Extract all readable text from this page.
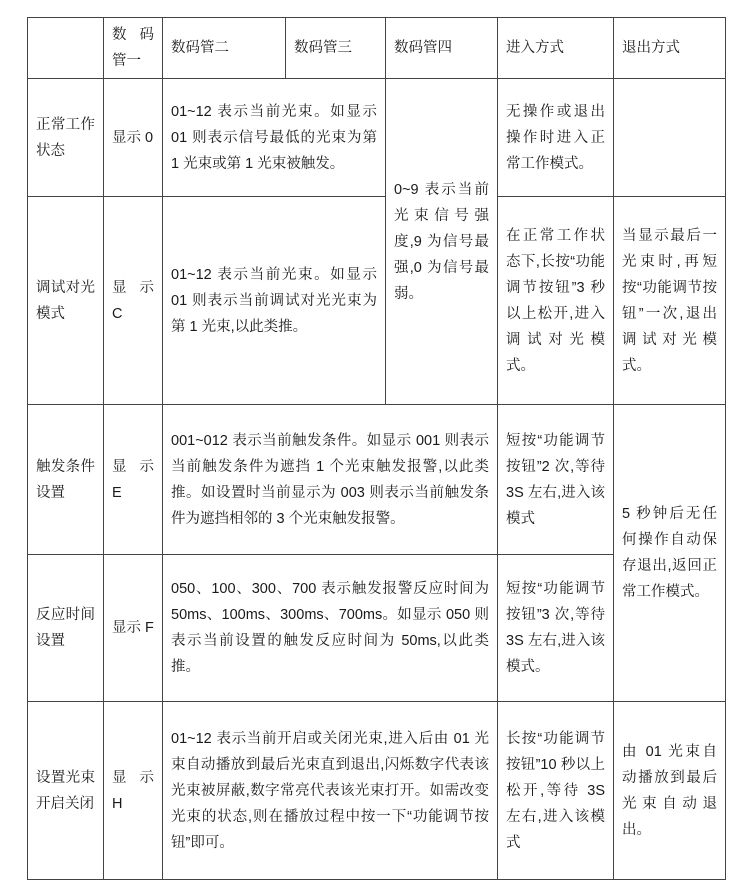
	数码管一	数码管二	数码管三	数码管四	进入方式	退出方式
正常工作状态	显示 0	01~12 表示当前光束。如显示 01 则表示信号最低的光束为第 1 光束或第 1 光束被触发。		0~9 表示当前光束信号强度,9 为信号最强,0 为信号最弱。	无操作或退出操作时进入正常工作模式。	
调试对光模式	显示 C	01~12 表示当前光束。如显示 01 则表示当前调试对光光束为第 1 光束,以此类推。			在正常工作状态下,长按“功能调节按钮”3 秒以上松开,进入调试对光模式。	当显示最后一光束时,再短按“功能调节按钮”一次,退出调试对光模式。
触发条件设置	显示 E	001~012 表示当前触发条件。如显示 001 则表示当前触发条件为遮挡 1 个光束触发报警,以此类推。如设置时当前显示为 003 则表示当前触发条件为遮挡相邻的 3 个光束触发报警。			短按“功能调节按钮”2 次,等待 3S 左右,进入该模式	5 秒钟后无任何操作自动保存退出,返回正常工作模式。
反应时间设置	显示 F	050、100、300、700 表示触发报警反应时间为 50ms、100ms、300ms、700ms。如显示 050 则表示当前设置的触发反应时间为 50ms,以此类推。			短按“功能调节按钮”3 次,等待 3S 左右,进入该模式。	
设置光束开启关闭	显示 H	01~12 表示当前开启或关闭光束,进入后由 01 光束自动播放到最后光束直到退出,闪烁数字代表该光束被屏蔽,数字常亮代表该光束打开。如需改变光束的状态,则在播放过程中按一下“功能调节按钮”即可。			长按“功能调节按钮”10 秒以上松开,等待 3S 左右,进入该模式	由 01 光束自动播放到最后光束自动退出。
